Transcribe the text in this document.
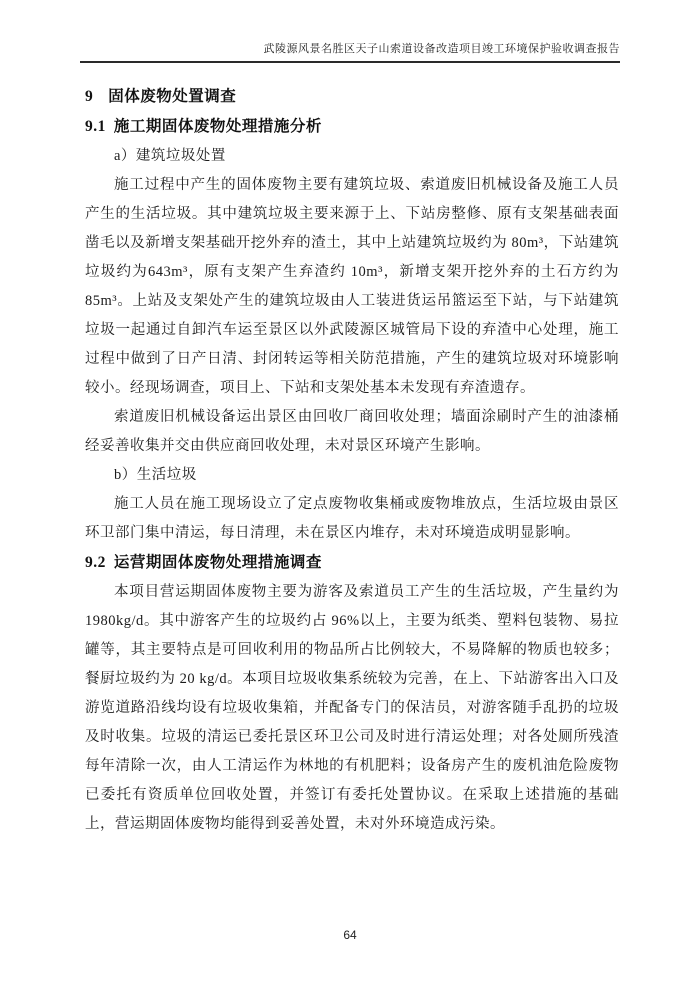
武陵源风景名胜区天子山索道设备改造项目竣工环境保护验收调查报告
9 固体废物处置调查
9.1 施工期固体废物处理措施分析
a）建筑垃圾处置

施工过程中产生的固体废物主要有建筑垃圾、索道废旧机械设备及施工人员产生的生活垃圾。其中建筑垃圾主要来源于上、下站房整修、原有支架基础表面凿毛以及新增支架基础开挖外弃的渣土，其中上站建筑垃圾约为 80m³，下站建筑垃圾约为643m³，原有支架产生弃渣约 10m³，新增支架开挖外弃的土石方约为 85m³。上站及支架处产生的建筑垃圾由人工装进货运吊篮运至下站，与下站建筑垃圾一起通过自卸汽车运至景区以外武陵源区城管局下设的弃渣中心处理，施工过程中做到了日产日清、封闭转运等相关防范措施，产生的建筑垃圾对环境影响较小。经现场调查，项目上、下站和支架处基本未发现有弃渣遗存。

索道废旧机械设备运出景区由回收厂商回收处理；墙面涂刷时产生的油漆桶经妥善收集并交由供应商回收处理，未对景区环境产生影响。

b）生活垃圾

施工人员在施工现场设立了定点废物收集桶或废物堆放点，生活垃圾由景区环卫部门集中清运，每日清理，未在景区内堆存，未对环境造成明显影响。

9.2 运营期固体废物处理措施调查

本项目营运期固体废物主要为游客及索道员工产生的生活垃圾，产生量约为1980kg/d。其中游客产生的垃圾约占 96%以上，主要为纸类、塑料包装物、易拉罐等，其主要特点是可回收利用的物品所占比例较大，不易降解的物质也较多；餐厨垃圾约为 20 kg/d。本项目垃圾收集系统较为完善，在上、下站游客出入口及游览道路沿线均设有垃圾收集箱，并配备专门的保洁员，对游客随手乱扔的垃圾及时收集。垃圾的清运已委托景区环卫公司及时进行清运处理；对各处厕所残渣每年清除一次，由人工清运作为林地的有机肥料；设备房产生的废机油危险废物已委托有资质单位回收处置，并签订有委托处置协议。在采取上述措施的基础上，营运期固体废物均能得到妥善处置，未对外环境造成污染。

64
